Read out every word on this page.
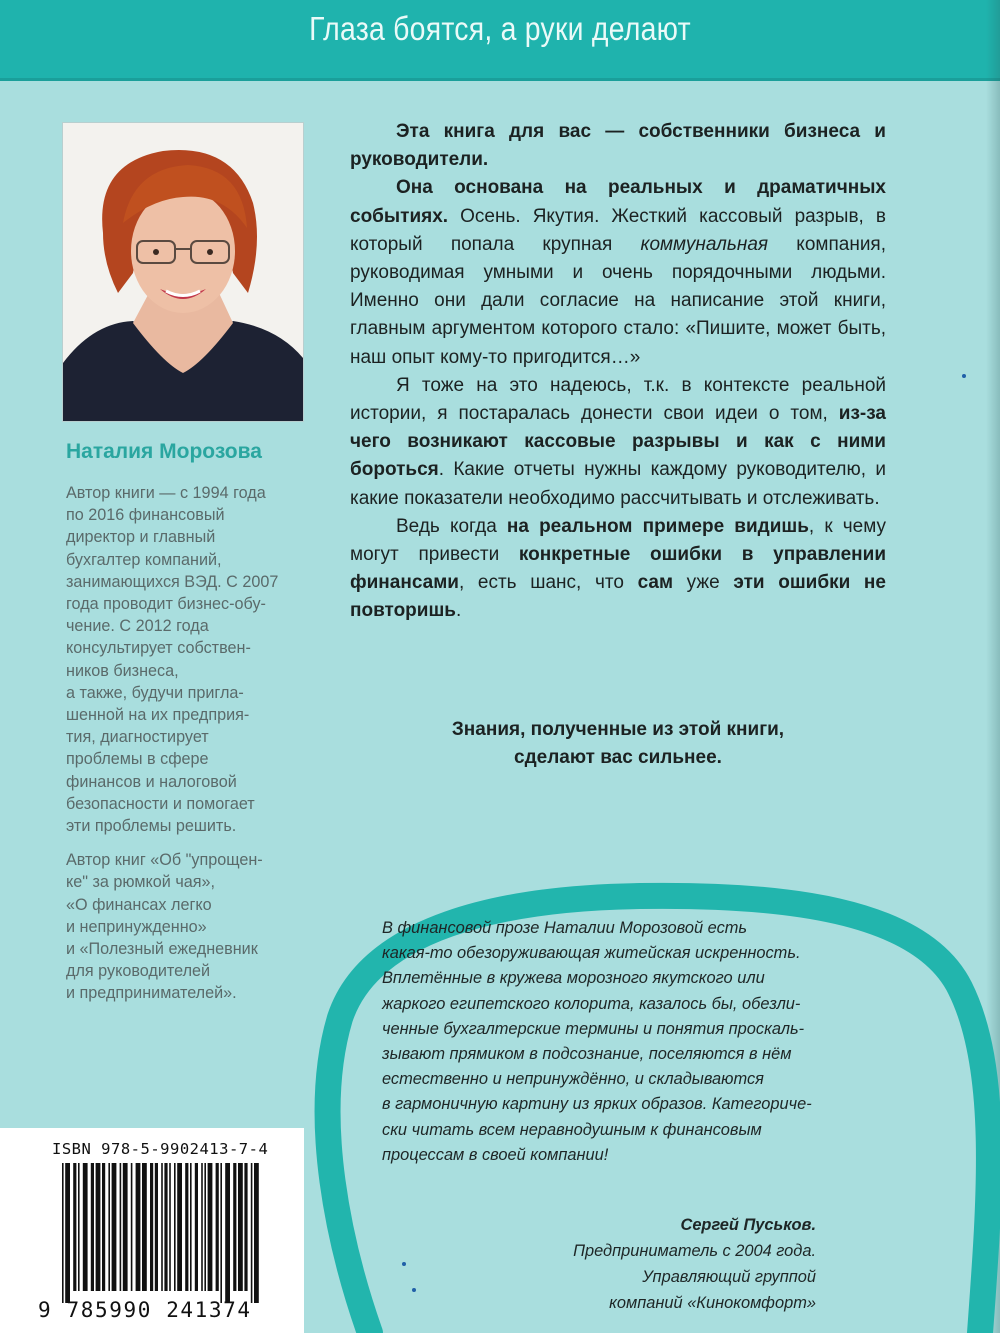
Глаза боятся, а руки делают
Наталия Морозова

Автор книги — с 1994 года
по 2016 финансовый
директор и главный
бухгалтер компаний,
занимающихся ВЭД. С 2007
года проводит бизнес-обу-
чение. С 2012 года
консультирует собствен-
ников бизнеса,
а также, будучи пригла-
шенной на их предприя-
тия, диагностирует
проблемы в сфере
финансов и налоговой
безопасности и помогает
эти проблемы решить.

Автор книг «Об "упрощен-
ке" за рюмкой чая»,
«О финансах легко
и непринужденно»
и «Полезный ежедневник
для руководителей
и предпринимателей».

Эта книга для вас — собственники бизнеса и руководители.

Она основана на реальных и драматичных событиях. Осень. Якутия. Жесткий кассовый разрыв, в который попала крупная коммунальная компания, руководимая умными и очень порядочными людьми. Именно они дали согласие на написание этой книги, главным аргументом которого стало: «Пишите, может быть, наш опыт кому-то пригодится…»

Я тоже на это надеюсь, т.к. в контексте реальной истории, я постаралась донести свои идеи о том, из-за чего возникают кассовые разрывы и как с ними бороться. Какие отчеты нужны каждому руководителю, и какие показатели необходимо рассчитывать и отслеживать.

Ведь когда на реальном примере видишь, к чему могут привести конкретные ошибки в управлении финансами, есть шанс, что сам уже эти ошибки не повторишь.

Знания, полученные из этой книги,
сделают вас сильнее.
В финансовой прозе Наталии Морозовой есть
какая-то обезоруживающая житейская искренность.
Вплетённые в кружева морозного якутского или
жаркого египетского колорита, казалось бы, обезли-
ченные бухгалтерские термины и понятия проскаль-
зывают прямиком в подсознание, поселяются в нём
естественно и непринуждённо, и складываются
в гармоничную картину из ярких образов. Категориче-
ски читать всем неравнодушным к финансовым
процессам в своей компании!
Сергей Пуськов.
Предприниматель с 2004 года.
Управляющий группой
компаний «Кинокомфорт»
ISBN 978-5-9902413-7-4
9 785990 241374
